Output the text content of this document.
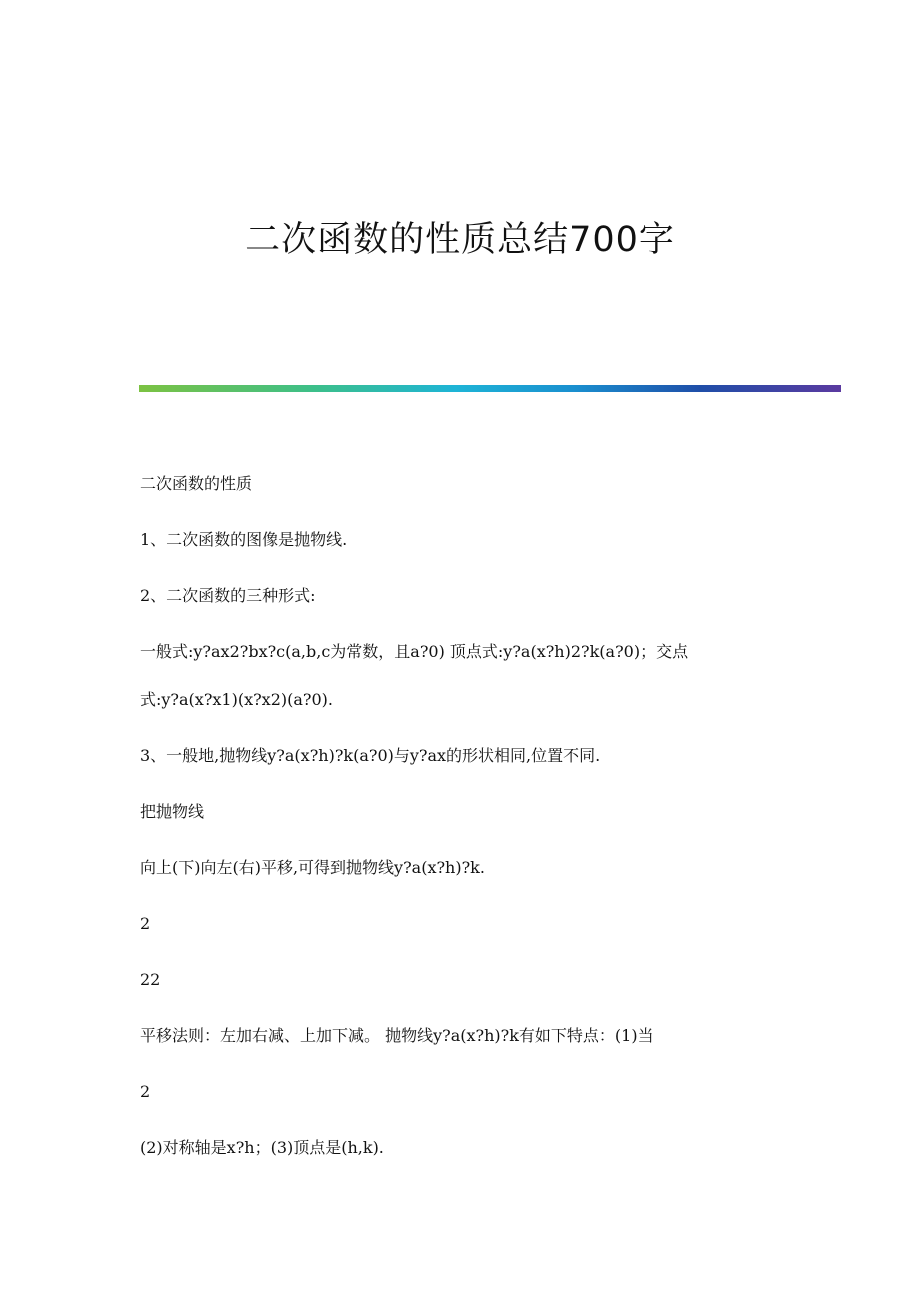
二次函数的性质总结700字
二次函数的性质
1、二次函数的图像是抛物线.
2、二次函数的三种形式:
一般式:y?ax2?bx?c(a,b,c为常数，且a?0) 顶点式:y?a(x?h)2?k(a?0)；交点
式:y?a(x?x1)(x?x2)(a?0).
3、一般地,抛物线y?a(x?h)?k(a?0)与y?ax的形状相同,位置不同.
把抛物线
向上(下)向左(右)平移,可得到抛物线y?a(x?h)?k.
2
22
平移法则：左加右减、上加下减。 抛物线y?a(x?h)?k有如下特点：(1)当
2
(2)对称轴是x?h；(3)顶点是(h,k).
